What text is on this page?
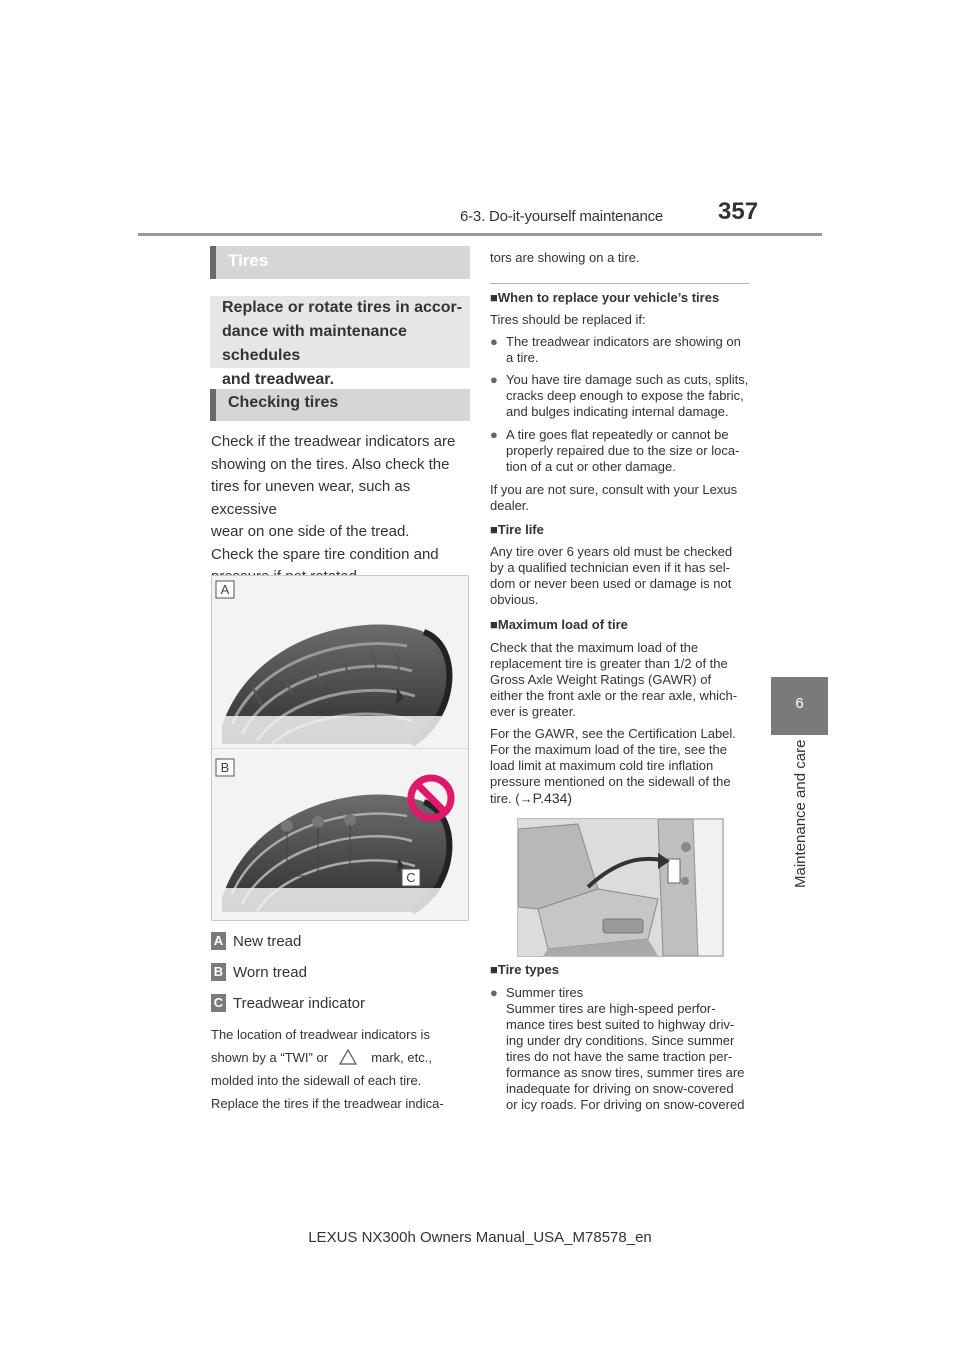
6-3. Do-it-yourself maintenance 357
6
Maintenance and care
Tires
Replace or rotate tires in accor-
dance with maintenance schedules
and treadwear.
Checking tires
Check if the treadwear indicators are
showing on the tires. Also check the
tires for uneven wear, such as excessive
wear on one side of the tread.
Check the spare tire condition and

A
B
C
A New tread
B Worn tread
C Treadwear indicator
The location of treadwear indicators is
shown by a “TWI” or	mark, etc.,
molded into the sidewall of each tire.
Replace the tires if the treadwear indica-
tors are showing on a tire.
■When to replace your vehicle’s tires
Tires should be replaced if:
● The treadwear indicators are showing on
a tire.
● You have tire damage such as cuts, splits,
cracks deep enough to expose the fabric,
and bulges indicating internal damage.
● A tire goes flat repeatedly or cannot be
properly repaired due to the size or loca-
tion of a cut or other damage.
If you are not sure, consult with your Lexus
dealer.
■Tire life
Any tire over 6 years old must be checked
by a qualified technician even if it has sel-
dom or never been used or damage is not
obvious.
■Maximum load of tire
Check that the maximum load of the
replacement tire is greater than 1/2 of the
Gross Axle Weight Ratings (GAWR) of
either the front axle or the rear axle, which-
ever is greater.
For the GAWR, see the Certification Label.
For the maximum load of the tire, see the
load limit at maximum cold tire inflation
pressure mentioned on the sidewall of the
tire. (→P.434)
■Tire types
● Summer tires
Summer tires are high-speed perfor-
mance tires best suited to highway driv-
ing under dry conditions. Since summer
tires do not have the same traction per-
formance as snow tires, summer tires are
inadequate for driving on snow-covered
or icy roads. For driving on snow-covered
LEXUS NX300h Owners Manual_USA_M78578_en
